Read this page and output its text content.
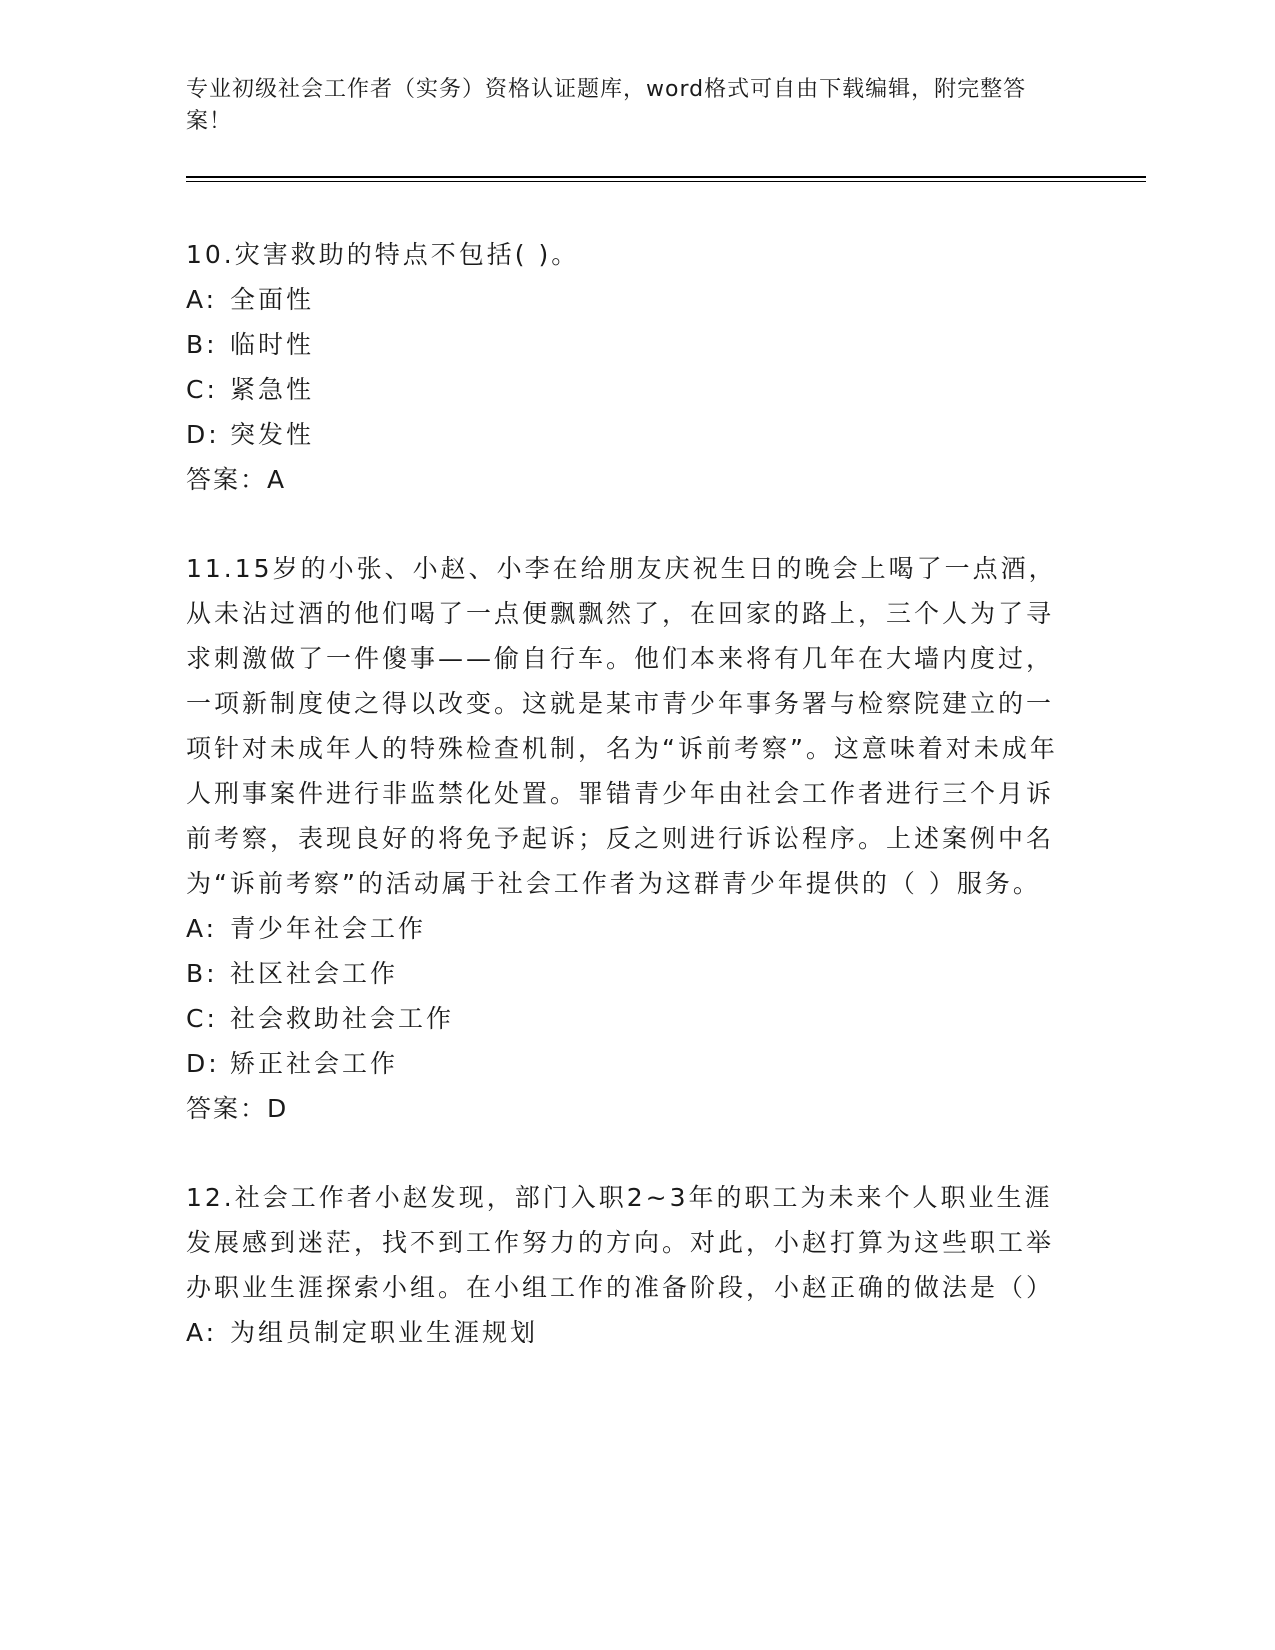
专业初级社会工作者（实务）资格认证题库，word格式可自由下载编辑，附完整答案！
10.灾害救助的特点不包括( )。
A: 全面性
B: 临时性
C: 紧急性
D: 突发性
答案：A
11.15岁的小张、小赵、小李在给朋友庆祝生日的晚会上喝了一点酒，从未沾过酒的他们喝了一点便飘飘然了，在回家的路上，三个人为了寻求刺激做了一件傻事——偷自行车。他们本来将有几年在大墙内度过，一项新制度使之得以改变。这就是某市青少年事务署与检察院建立的一项针对未成年人的特殊检查机制，名为“诉前考察”。这意味着对未成年人刑事案件进行非监禁化处置。罪错青少年由社会工作者进行三个月诉前考察，表现良好的将免予起诉；反之则进行诉讼程序。上述案例中名为“诉前考察”的活动属于社会工作者为这群青少年提供的（ ）服务。
A: 青少年社会工作
B: 社区社会工作
C: 社会救助社会工作
D: 矫正社会工作
答案：D
12.社会工作者小赵发现，部门入职2~3年的职工为未来个人职业生涯发展感到迷茫，找不到工作努力的方向。对此，小赵打算为这些职工举办职业生涯探索小组。在小组工作的准备阶段，小赵正确的做法是（）
A: 为组员制定职业生涯规划
